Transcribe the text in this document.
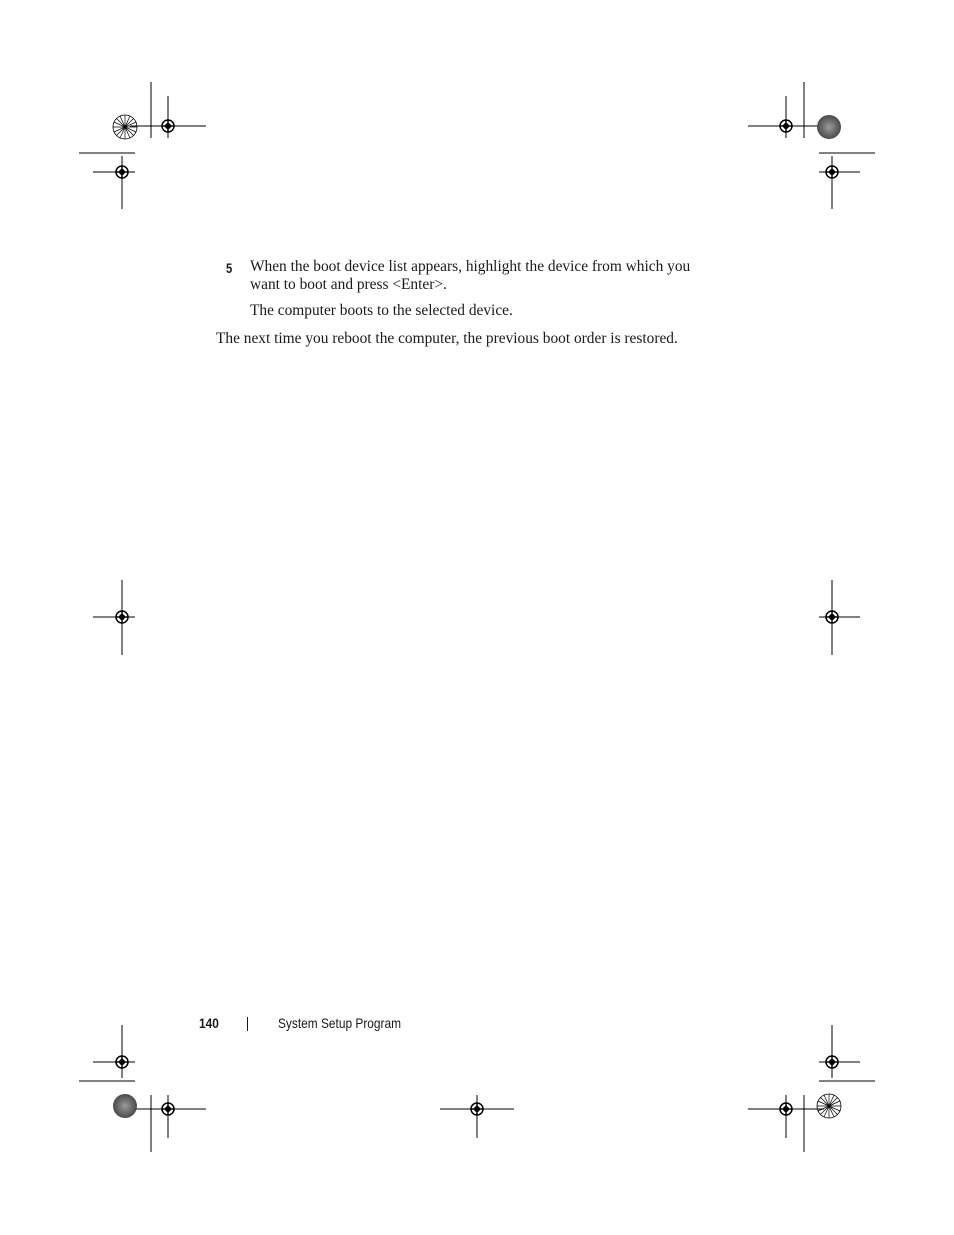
5 When the boot device list appears, highlight the device from which you want to boot and press <Enter>.
The computer boots to the selected device.
The next time you reboot the computer, the previous boot order is restored.
140	System Setup Program
